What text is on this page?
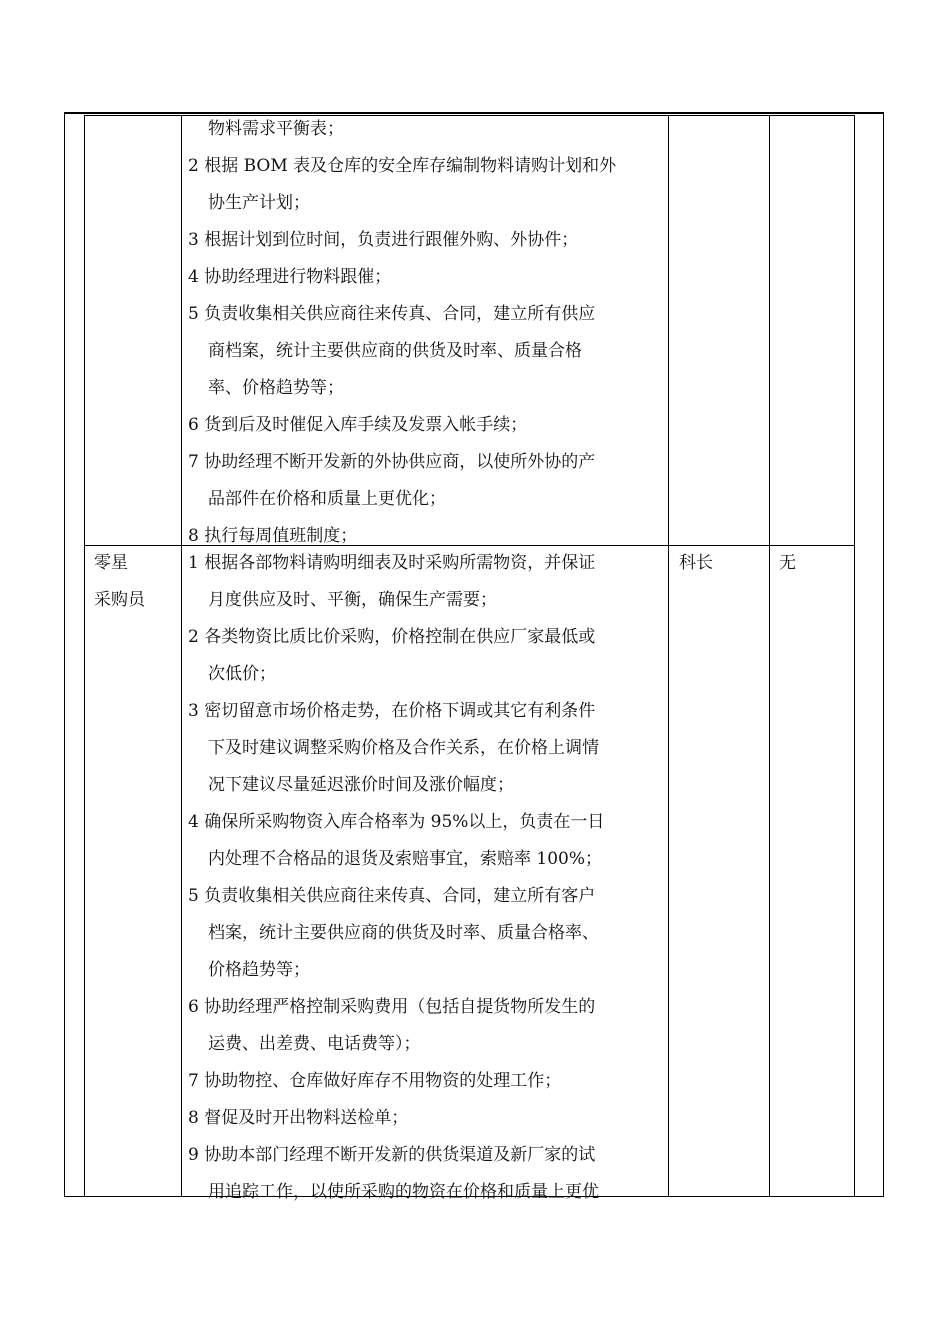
物料需求平衡表；
2 根据 BOM 表及仓库的安全库存编制物料请购计划和外
协生产计划；
3 根据计划到位时间，负责进行跟催外购、外协件；
4 协助经理进行物料跟催；
5 负责收集相关供应商往来传真、合同，建立所有供应
商档案，统计主要供应商的供货及时率、质量合格
率、价格趋势等；
6 货到后及时催促入库手续及发票入帐手续；
7 协助经理不断开发新的外协供应商，以使所外协的产
品部件在价格和质量上更优化；
8 执行每周值班制度；
零星
采购员
1 根据各部物料请购明细表及时采购所需物资，并保证
月度供应及时、平衡，确保生产需要；
2 各类物资比质比价采购，价格控制在供应厂家最低或
次低价；
3 密切留意市场价格走势，在价格下调或其它有利条件
下及时建议调整采购价格及合作关系，在价格上调情
况下建议尽量延迟涨价时间及涨价幅度；
4 确保所采购物资入库合格率为 95%以上，负责在一日
内处理不合格品的退货及索赔事宜，索赔率 100%；
5 负责收集相关供应商往来传真、合同，建立所有客户
档案，统计主要供应商的供货及时率、质量合格率、
价格趋势等；
6 协助经理严格控制采购费用（包括自提货物所发生的
运费、出差费、电话费等）；
7 协助物控、仓库做好库存不用物资的处理工作；
8 督促及时开出物料送检单；
9 协助本部门经理不断开发新的供货渠道及新厂家的试
用追踪工作，以使所采购的物资在价格和质量上更优
科长	无
